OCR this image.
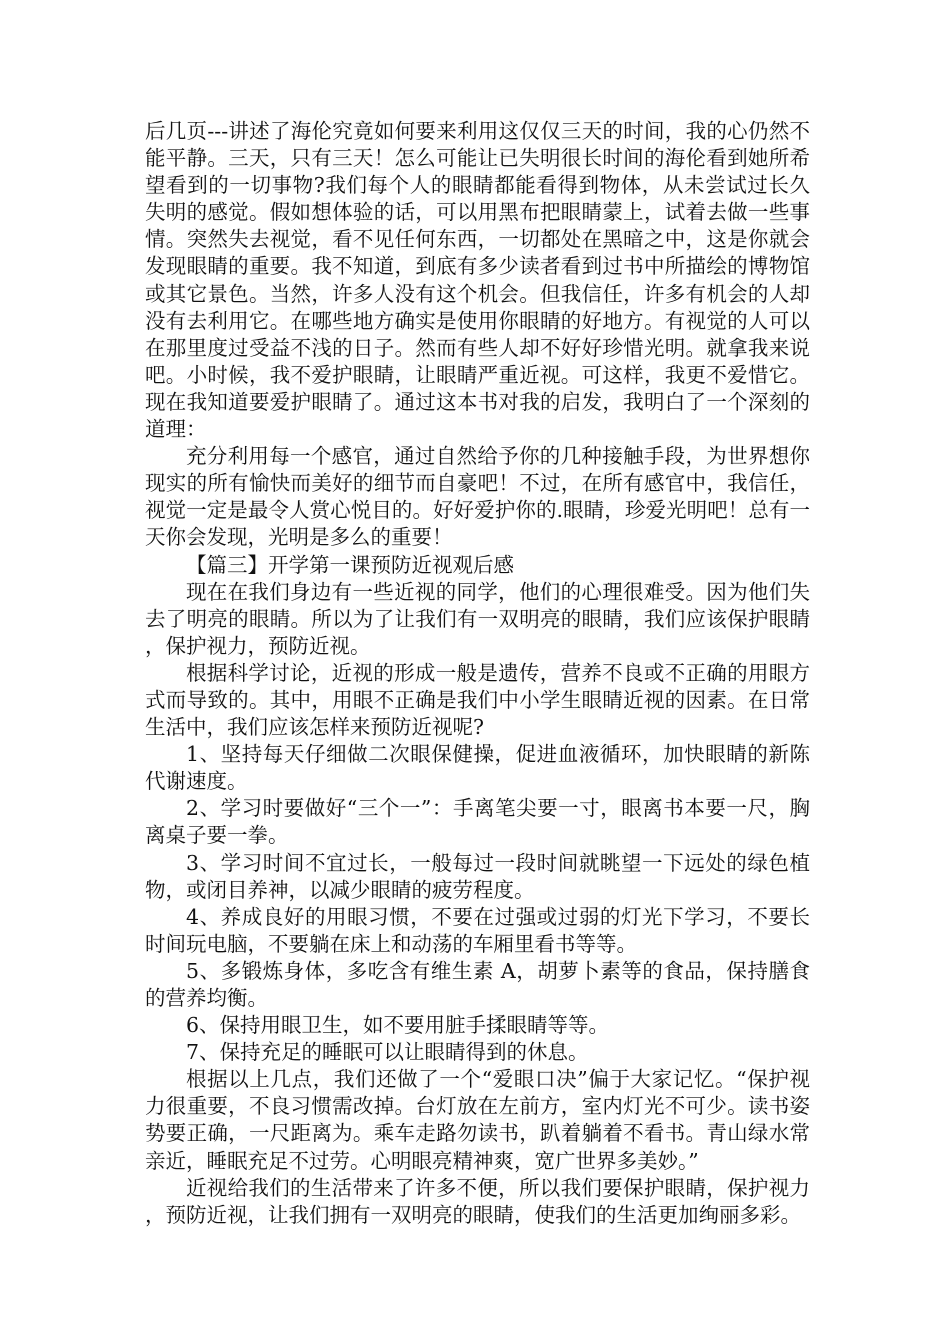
后几页---讲述了海伦究竟如何要来利用这仅仅三天的时间，我的心仍然不能平静。三天，只有三天！怎么可能让已失明很长时间的海伦看到她所希望看到的一切事物?我们每个人的眼睛都能看得到物体，从未尝试过长久失明的感觉。假如想体验的话，可以用黑布把眼睛蒙上，试着去做一些事情。突然失去视觉，看不见任何东西，一切都处在黑暗之中，这是你就会发现眼睛的重要。我不知道，到底有多少读者看到过书中所描绘的博物馆或其它景色。当然，许多人没有这个机会。但我信任，许多有机会的人却没有去利用它。在哪些地方确实是使用你眼睛的好地方。有视觉的人可以在那里度过受益不浅的日子。然而有些人却不好好珍惜光明。就拿我来说吧。小时候，我不爱护眼睛，让眼睛严重近视。可这样，我更不爱惜它。现在我知道要爱护眼睛了。通过这本书对我的启发，我明白了一个深刻的道理：

充分利用每一个感官，通过自然给予你的几种接触手段，为世界想你现实的所有愉快而美好的细节而自豪吧！不过，在所有感官中，我信任，视觉一定是最令人赏心悦目的。好好爱护你的.眼睛，珍爱光明吧！总有一天你会发现，光明是多么的重要！

【篇三】开学第一课预防近视观后感

现在在我们身边有一些近视的同学，他们的心理很难受。因为他们失去了明亮的眼睛。所以为了让我们有一双明亮的眼睛，我们应该保护眼睛，保护视力，预防近视。

根据科学讨论，近视的形成一般是遗传，营养不良或不正确的用眼方式而导致的。其中，用眼不正确是我们中小学生眼睛近视的因素。在日常生活中，我们应该怎样来预防近视呢?

1、坚持每天仔细做二次眼保健操，促进血液循环，加快眼睛的新陈代谢速度。

2、学习时要做好“三个一”：手离笔尖要一寸，眼离书本要一尺，胸离桌子要一拳。

3、学习时间不宜过长，一般每过一段时间就眺望一下远处的绿色植物，或闭目养神，以减少眼睛的疲劳程度。

4、养成良好的用眼习惯，不要在过强或过弱的灯光下学习，不要长时间玩电脑，不要躺在床上和动荡的车厢里看书等等。

5、多锻炼身体，多吃含有维生素 A，胡萝卜素等的食品，保持膳食的营养均衡。

6、保持用眼卫生，如不要用脏手揉眼睛等等。

7、保持充足的睡眠可以让眼睛得到的休息。

根据以上几点，我们还做了一个“爱眼口决”偏于大家记忆。“保护视力很重要，不良习惯需改掉。台灯放在左前方，室内灯光不可少。读书姿势要正确，一尺距离为。乘车走路勿读书，趴着躺着不看书。青山绿水常亲近，睡眠充足不过劳。心明眼亮精神爽，宽广世界多美妙。”

近视给我们的生活带来了许多不便，所以我们要保护眼睛，保护视力，预防近视，让我们拥有一双明亮的眼睛，使我们的生活更加绚丽多彩。
